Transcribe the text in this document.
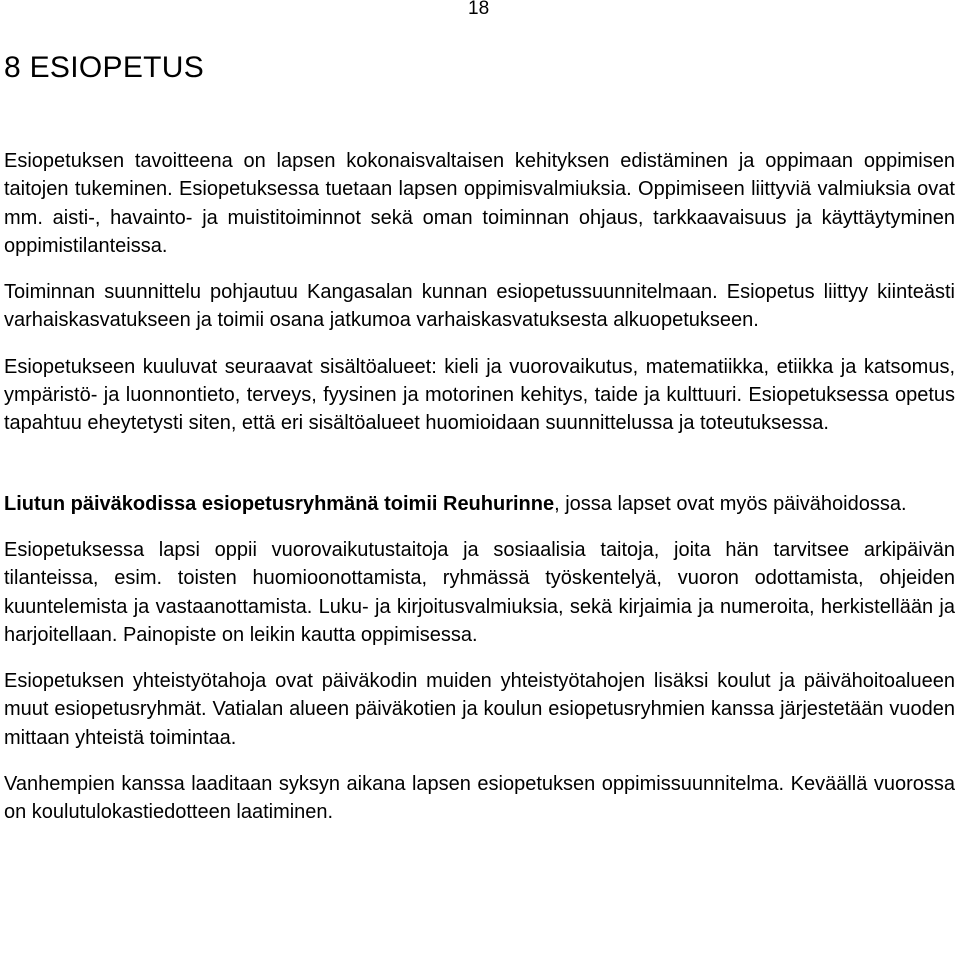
18
8 ESIOPETUS

Esiopetuksen tavoitteena on lapsen kokonaisvaltaisen kehityksen edistäminen ja oppimaan oppimisen taitojen tukeminen. Esiopetuksessa tuetaan lapsen oppimisvalmiuksia. Oppimiseen liittyviä valmiuksia ovat mm. aisti-, havainto- ja muistitoiminnot sekä oman toiminnan ohjaus, tarkkaavaisuus ja käyttäytyminen oppimistilanteissa.

Toiminnan suunnittelu pohjautuu Kangasalan kunnan esiopetussuunnitelmaan. Esiopetus liittyy kiinteästi varhaiskasvatukseen ja toimii osana jatkumoa varhaiskasvatuksesta alkuopetukseen.

Esiopetukseen kuuluvat seuraavat sisältöalueet: kieli ja vuorovaikutus, matematiikka, etiikka ja katsomus, ympäristö- ja luonnontieto, terveys, fyysinen ja motorinen kehitys, taide ja kulttuuri. Esiopetuksessa opetus tapahtuu eheytetysti siten, että eri sisältöalueet huomioidaan suunnittelussa ja toteutuksessa.

Liutun päiväkodissa esiopetusryhmänä toimii Reuhurinne, jossa lapset ovat myös päivähoidossa.

Esiopetuksessa lapsi oppii vuorovaikutustaitoja ja sosiaalisia taitoja, joita hän tarvitsee arkipäivän tilanteissa, esim. toisten huomioonottamista, ryhmässä työskentelyä, vuoron odottamista, ohjeiden kuuntelemista ja vastaanottamista. Luku- ja kirjoitusvalmiuksia, sekä kirjaimia ja numeroita, herkistellään ja harjoitellaan. Painopiste on leikin kautta oppimisessa.

Esiopetuksen yhteistyötahoja ovat päiväkodin muiden yhteistyötahojen lisäksi koulut ja päivähoitoalueen muut esiopetusryhmät. Vatialan alueen päiväkotien ja koulun esiopetusryhmien kanssa järjestetään vuoden mittaan yhteistä toimintaa.

Vanhempien kanssa laaditaan syksyn aikana lapsen esiopetuksen oppimissuunnitelma. Keväällä vuorossa on koulutulokastiedotteen laatiminen.
